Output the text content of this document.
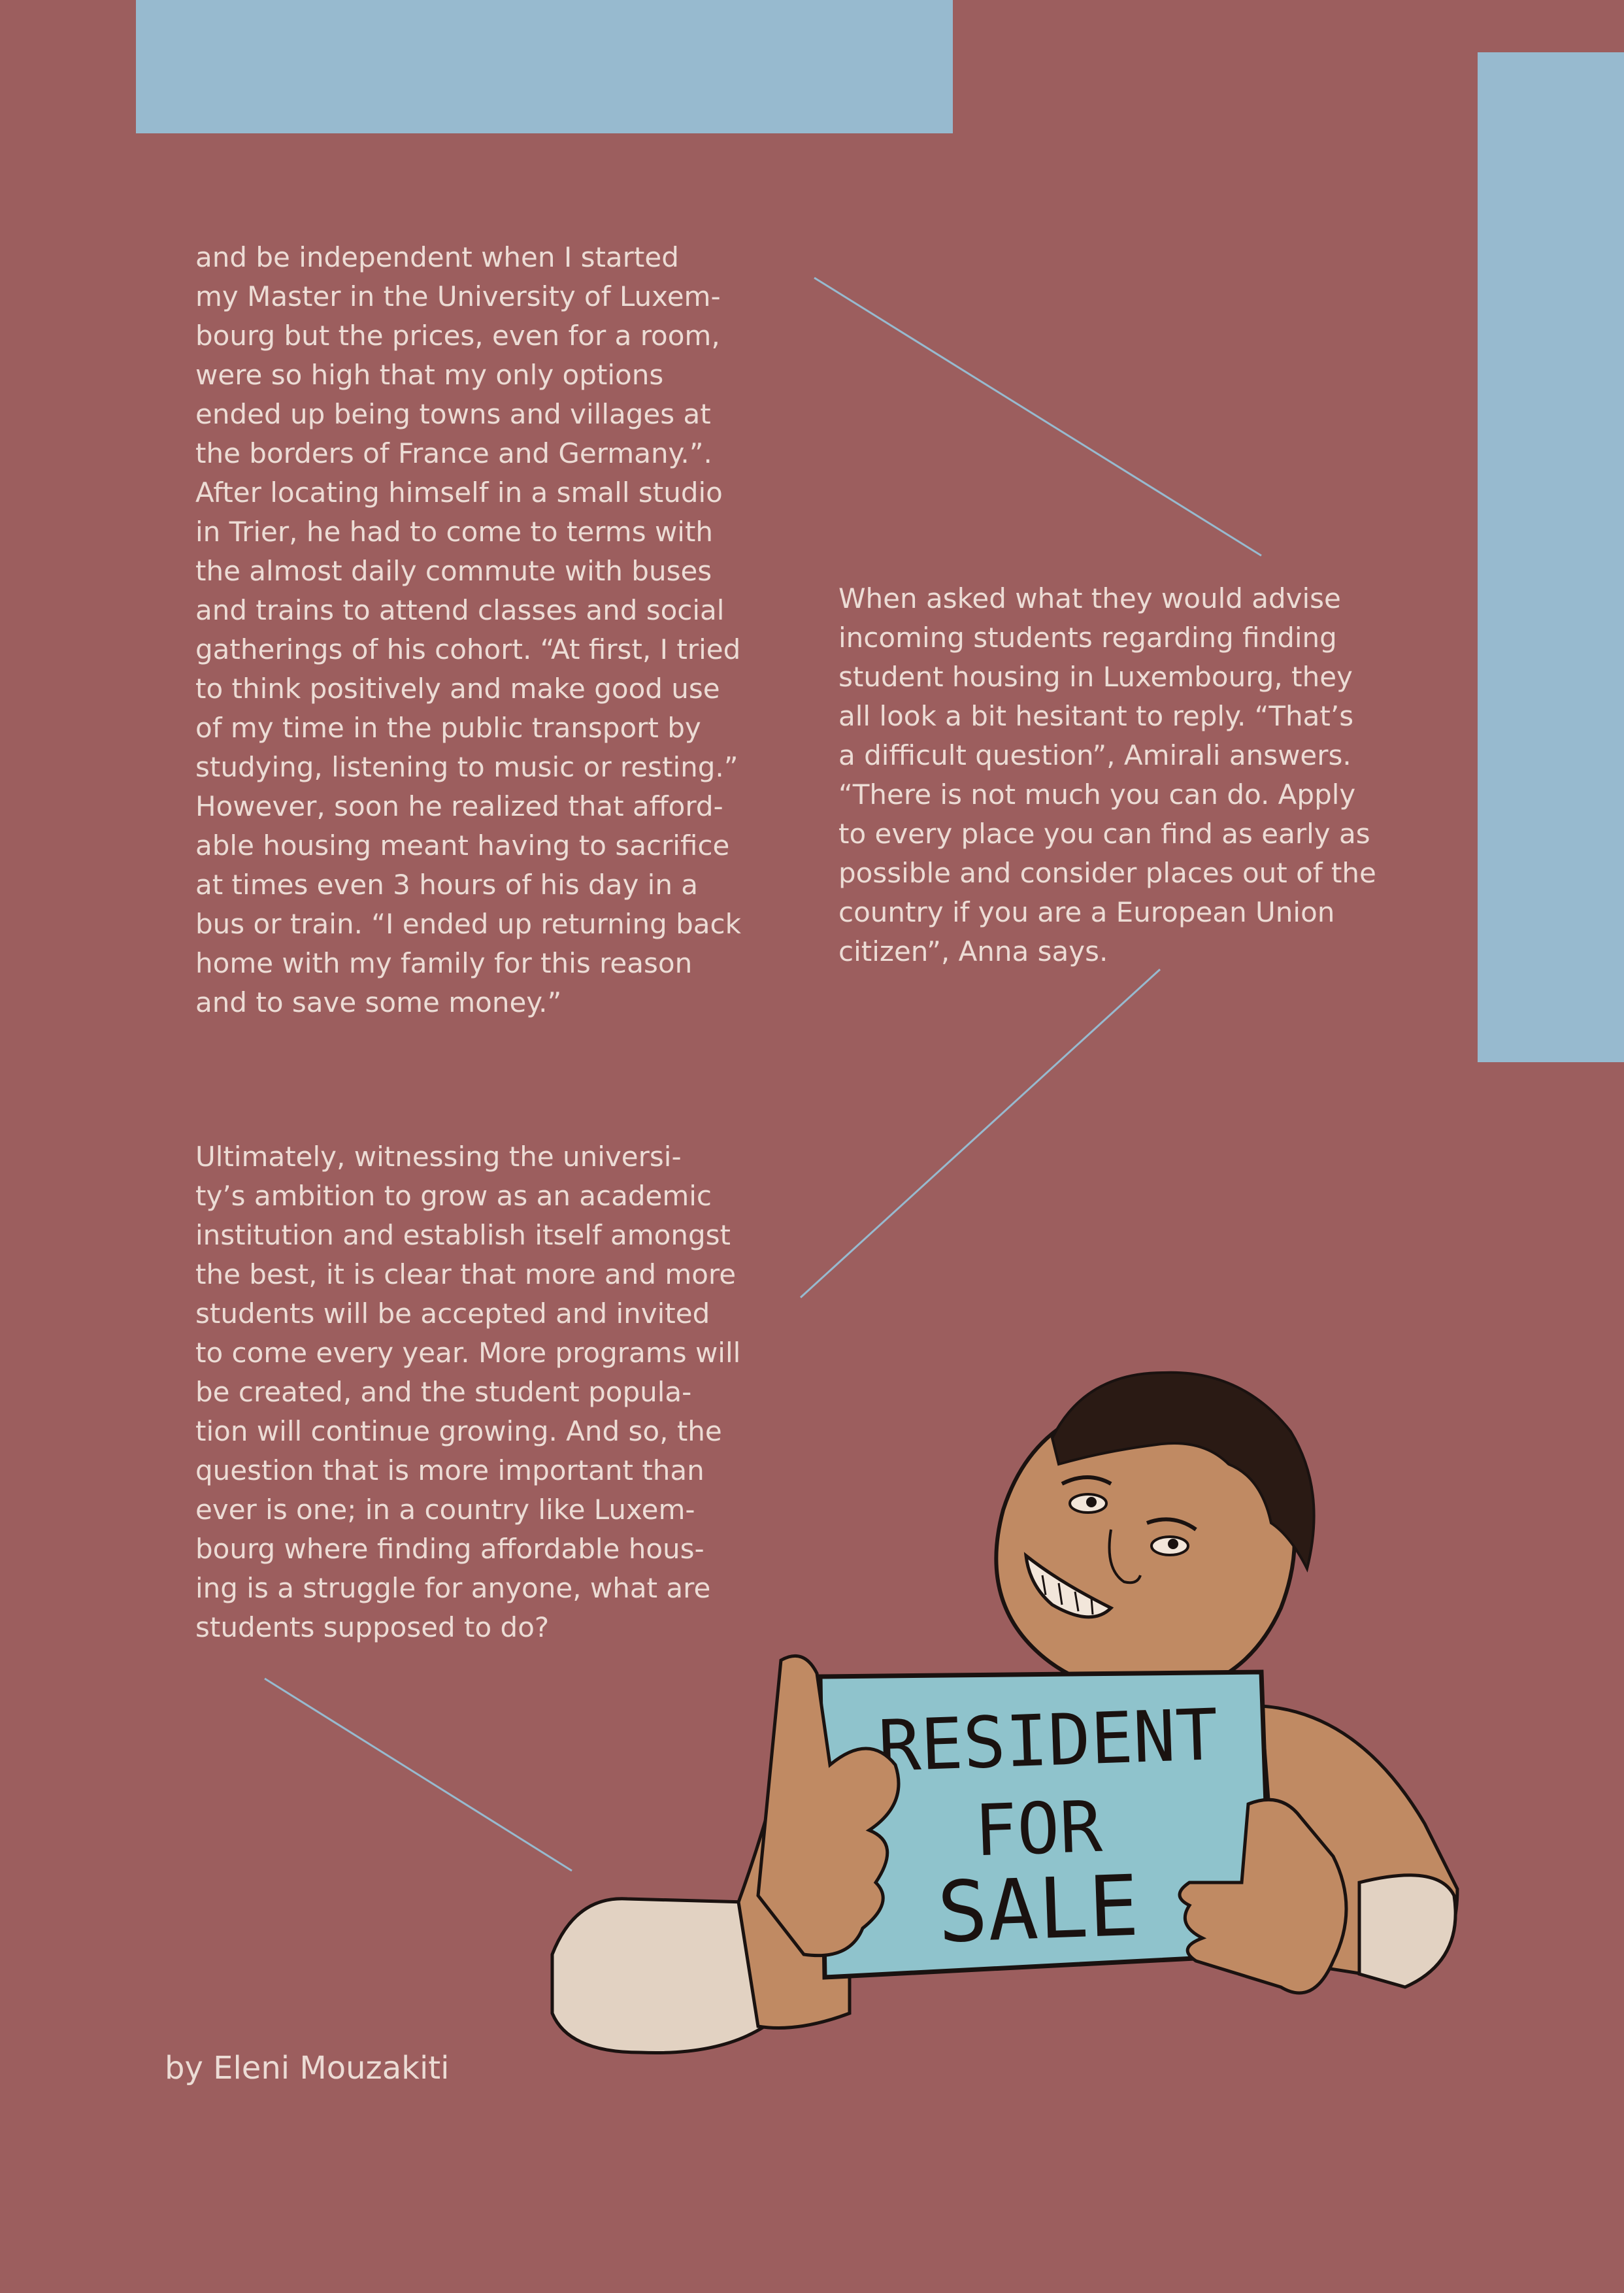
and be independent when I started
my Master in the University of Luxem-
bourg but the prices, even for a room,
were so high that my only options
ended up being towns and villages at
the borders of France and Germany.”.
After locating himself in a small studio
in Trier, he had to come to terms with
the almost daily commute with buses
and trains to attend classes and social
gatherings of his cohort. “At first, I tried
to think positively and make good use
of my time in the public transport by
studying, listening to music or resting.”
However, soon he realized that afford-
able housing meant having to sacrifice
at times even 3 hours of his day in a
bus or train. “I ended up returning back
home with my family for this reason
and to save some money.”
When asked what they would advise
incoming students regarding finding
student housing in Luxembourg, they
all look a bit hesitant to reply. “That’s
a difficult question”, Amirali answers.
“There is not much you can do. Apply
to every place you can find as early as
possible and consider places out of the
country if you are a European Union
citizen”, Anna says.
Ultimately, witnessing the universi-
ty’s ambition to grow as an academic
institution and establish itself amongst
the best, it is clear that more and more
students will be accepted and invited
to come every year. More programs will
be created, and the student popula-
tion will continue growing. And so, the
question that is more important than
ever is one; in a country like Luxem-
bourg where finding affordable hous-
ing is a struggle for anyone, what are
students supposed to do?
RESIDENT
FOR
SALE
by Eleni Mouzakiti
